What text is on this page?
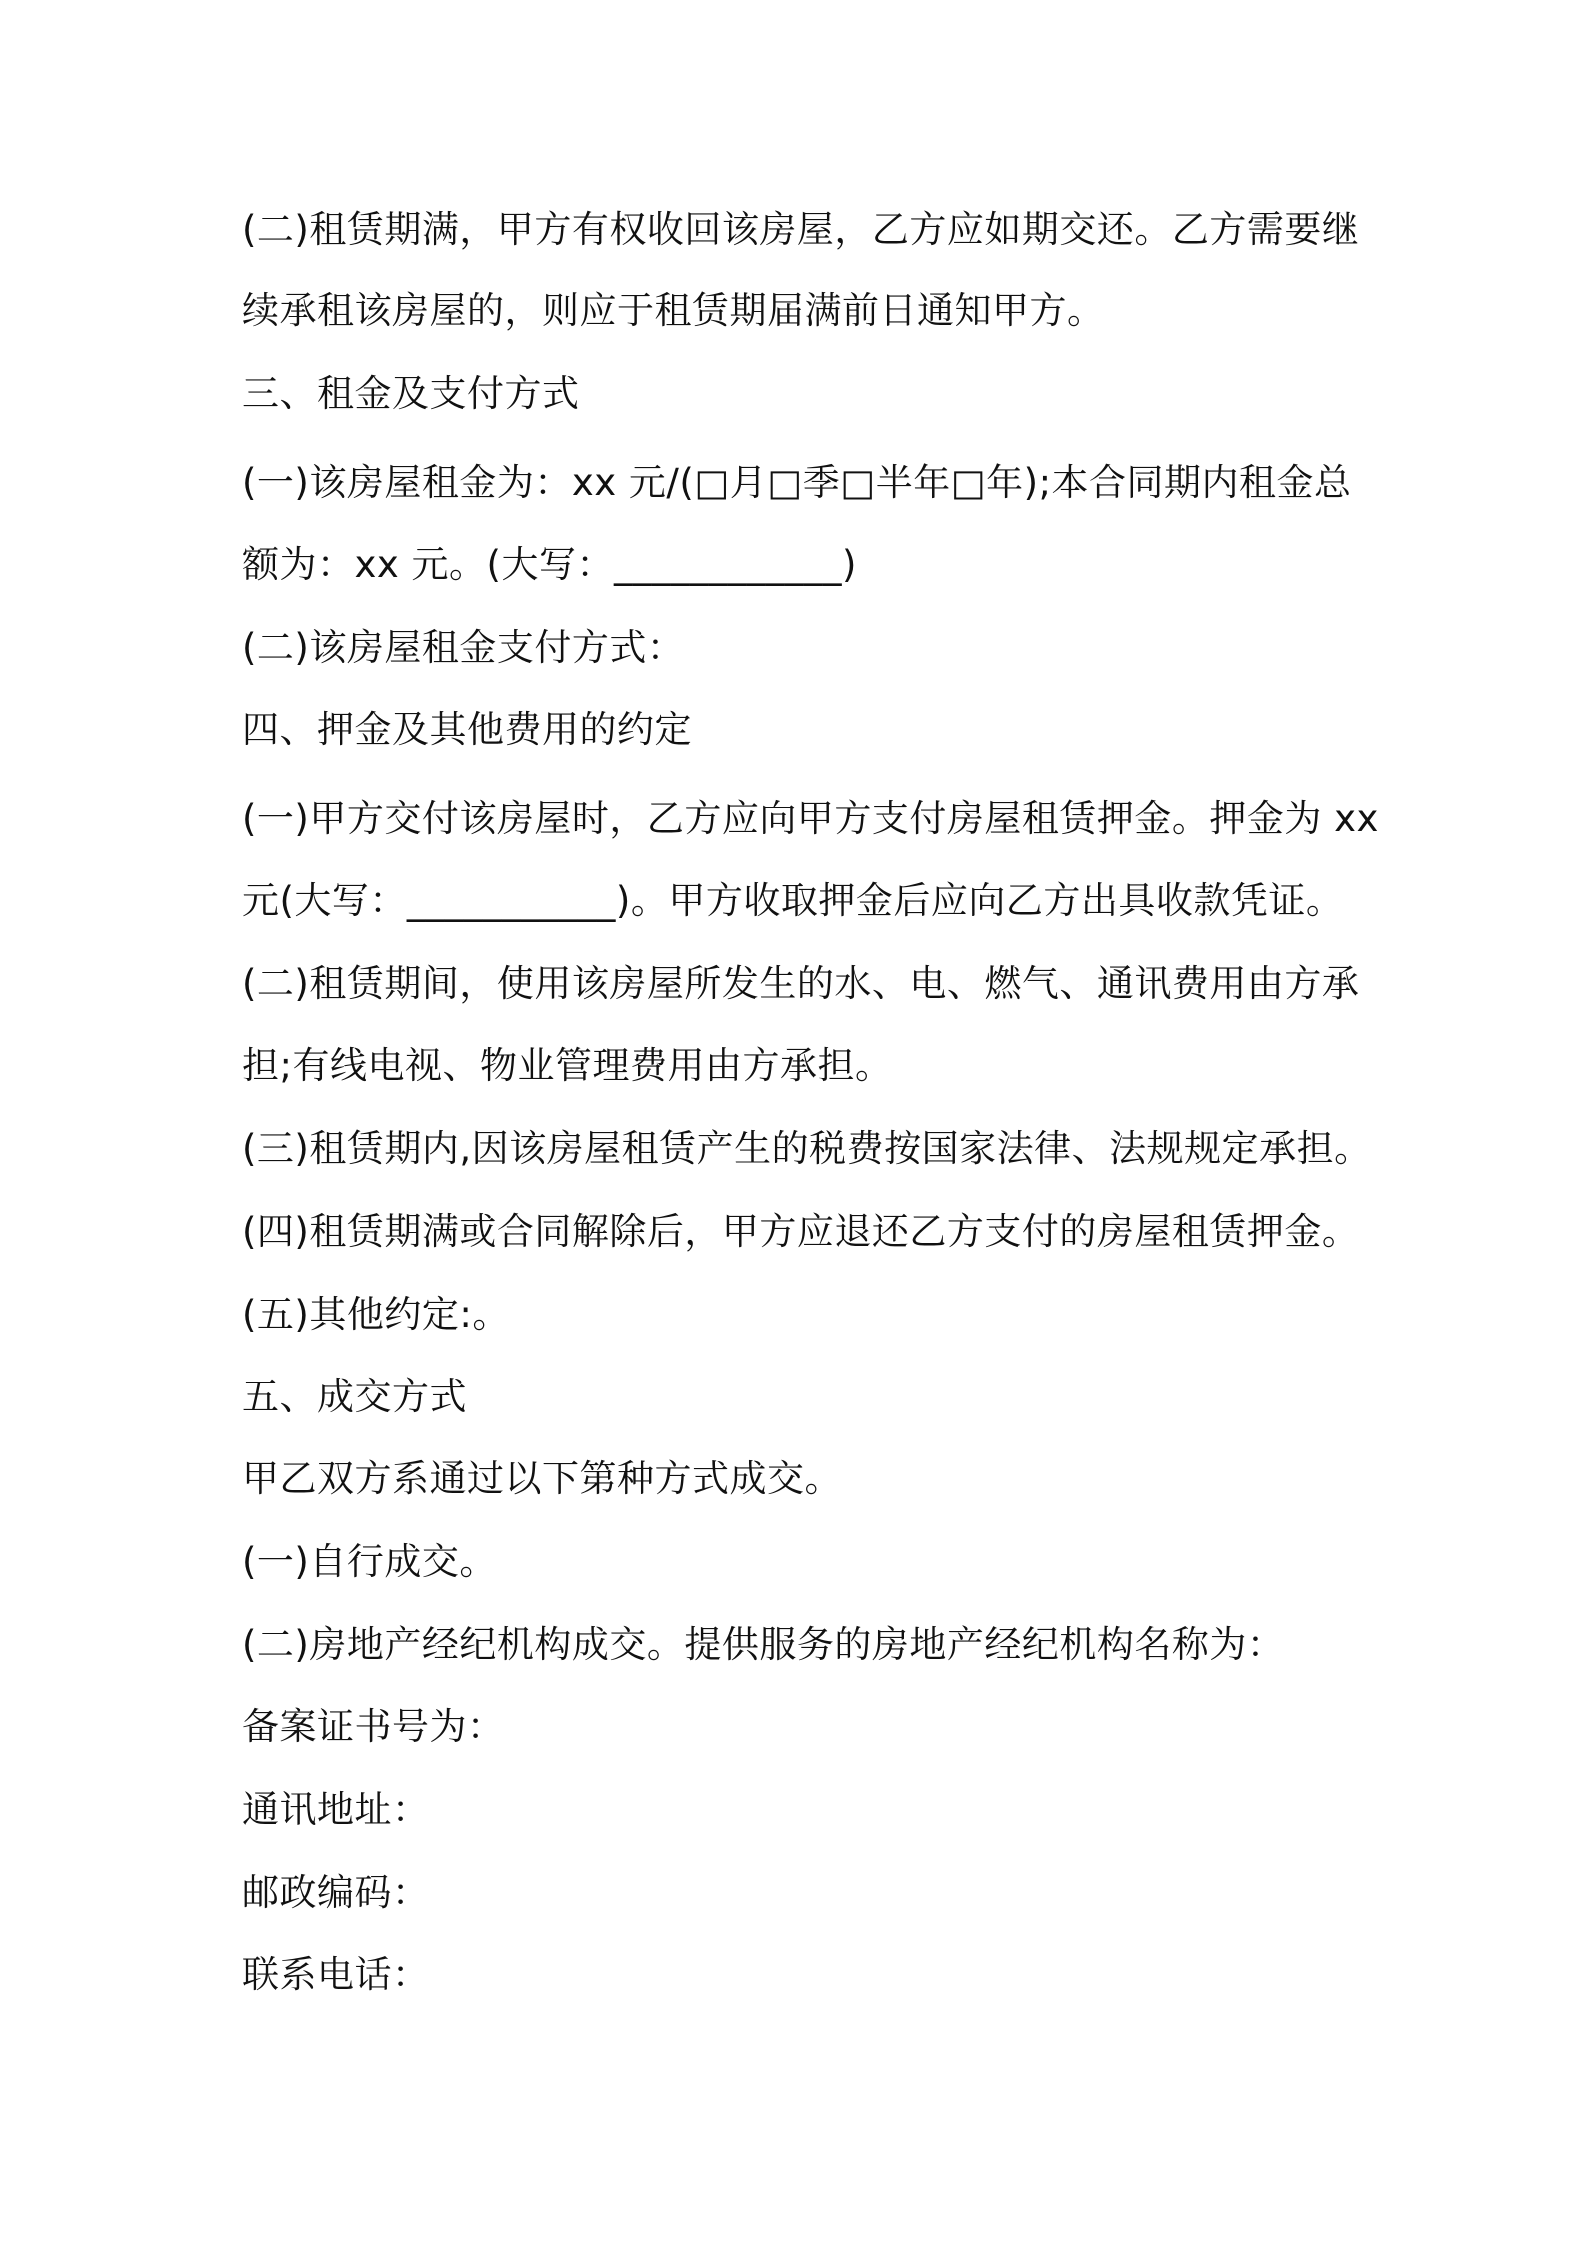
(二)租赁期满，甲方有权收回该房屋，乙方应如期交还。乙方需要继
续承租该房屋的，则应于租赁期届满前日通知甲方。
三、租金及支付方式
(一)该房屋租金为：xx 元/(□月□季□半年□年);本合同期内租金总
额为：xx 元。(大写：____________)
(二)该房屋租金支付方式：
四、押金及其他费用的约定
(一)甲方交付该房屋时，乙方应向甲方支付房屋租赁押金。押金为 xx
元(大写：___________)。甲方收取押金后应向乙方出具收款凭证。
(二)租赁期间，使用该房屋所发生的水、电、燃气、通讯费用由方承
担;有线电视、物业管理费用由方承担。
(三)租赁期内,因该房屋租赁产生的税费按国家法律、法规规定承担。
(四)租赁期满或合同解除后，甲方应退还乙方支付的房屋租赁押金。
(五)其他约定:。
五、成交方式
甲乙双方系通过以下第种方式成交。
(一)自行成交。
(二)房地产经纪机构成交。提供服务的房地产经纪机构名称为：
备案证书号为：
通讯地址：
邮政编码：
联系电话：
